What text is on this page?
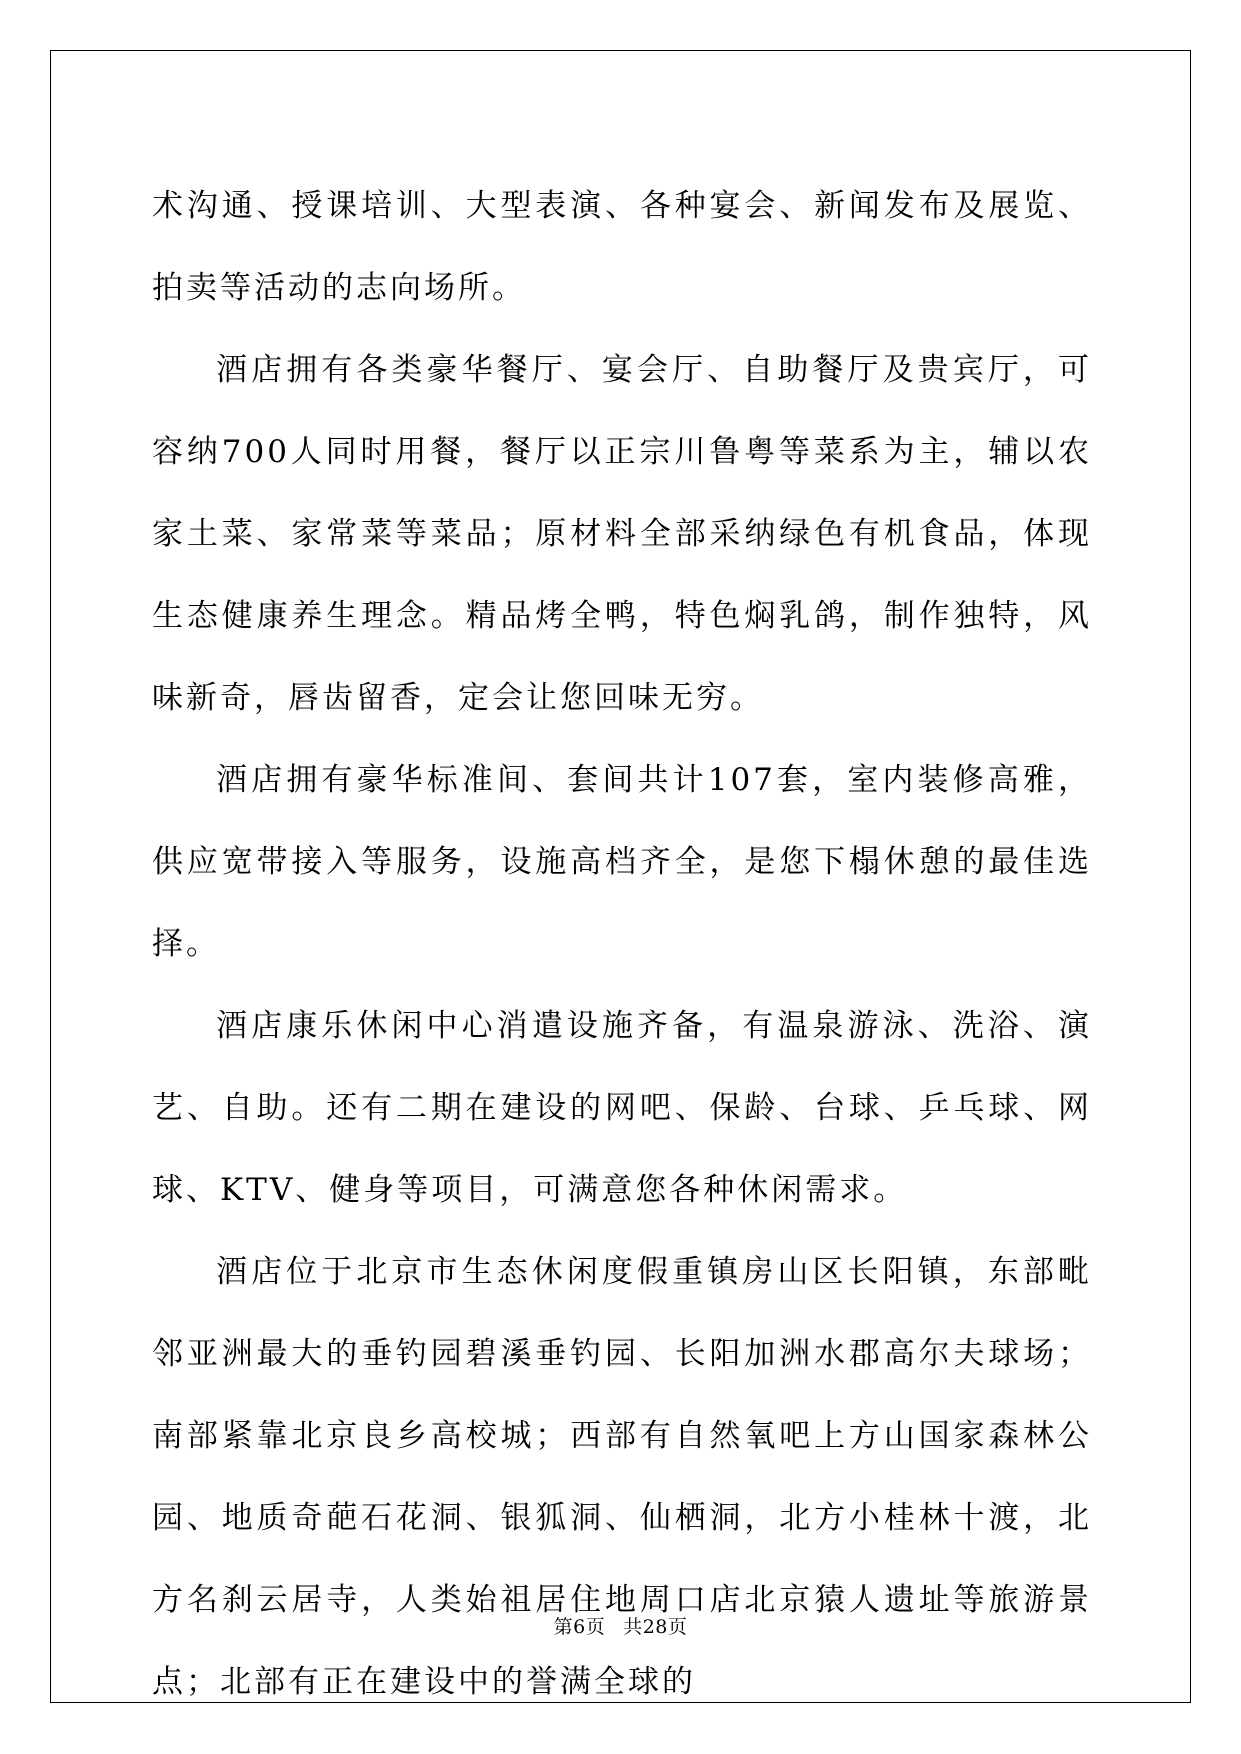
术沟通、授课培训、大型表演、各种宴会、新闻发布及展览、拍卖等活动的志向场所。

酒店拥有各类豪华餐厅、宴会厅、自助餐厅及贵宾厅，可容纳700人同时用餐，餐厅以正宗川鲁粤等菜系为主，辅以农家土菜、家常菜等菜品；原材料全部采纳绿色有机食品，体现生态健康养生理念。精品烤全鸭，特色焖乳鸽，制作独特，风味新奇，唇齿留香，定会让您回味无穷。

酒店拥有豪华标准间、套间共计107套，室内装修高雅，供应宽带接入等服务，设施高档齐全，是您下榻休憩的最佳选择。

酒店康乐休闲中心消遣设施齐备，有温泉游泳、洗浴、演艺、自助。还有二期在建设的网吧、保龄、台球、乒乓球、网球、KTV、健身等项目，可满意您各种休闲需求。

酒店位于北京市生态休闲度假重镇房山区长阳镇，东部毗邻亚洲最大的垂钓园碧溪垂钓园、长阳加洲水郡高尔夫球场；南部紧靠北京良乡高校城；西部有自然氧吧上方山国家森林公园、地质奇葩石花洞、银狐洞、仙栖洞，北方小桂林十渡，北方名刹云居寺，人类始祖居住地周口店北京猿人遗址等旅游景点；北部有正在建设中的誉满全球的

第6页 共28页
